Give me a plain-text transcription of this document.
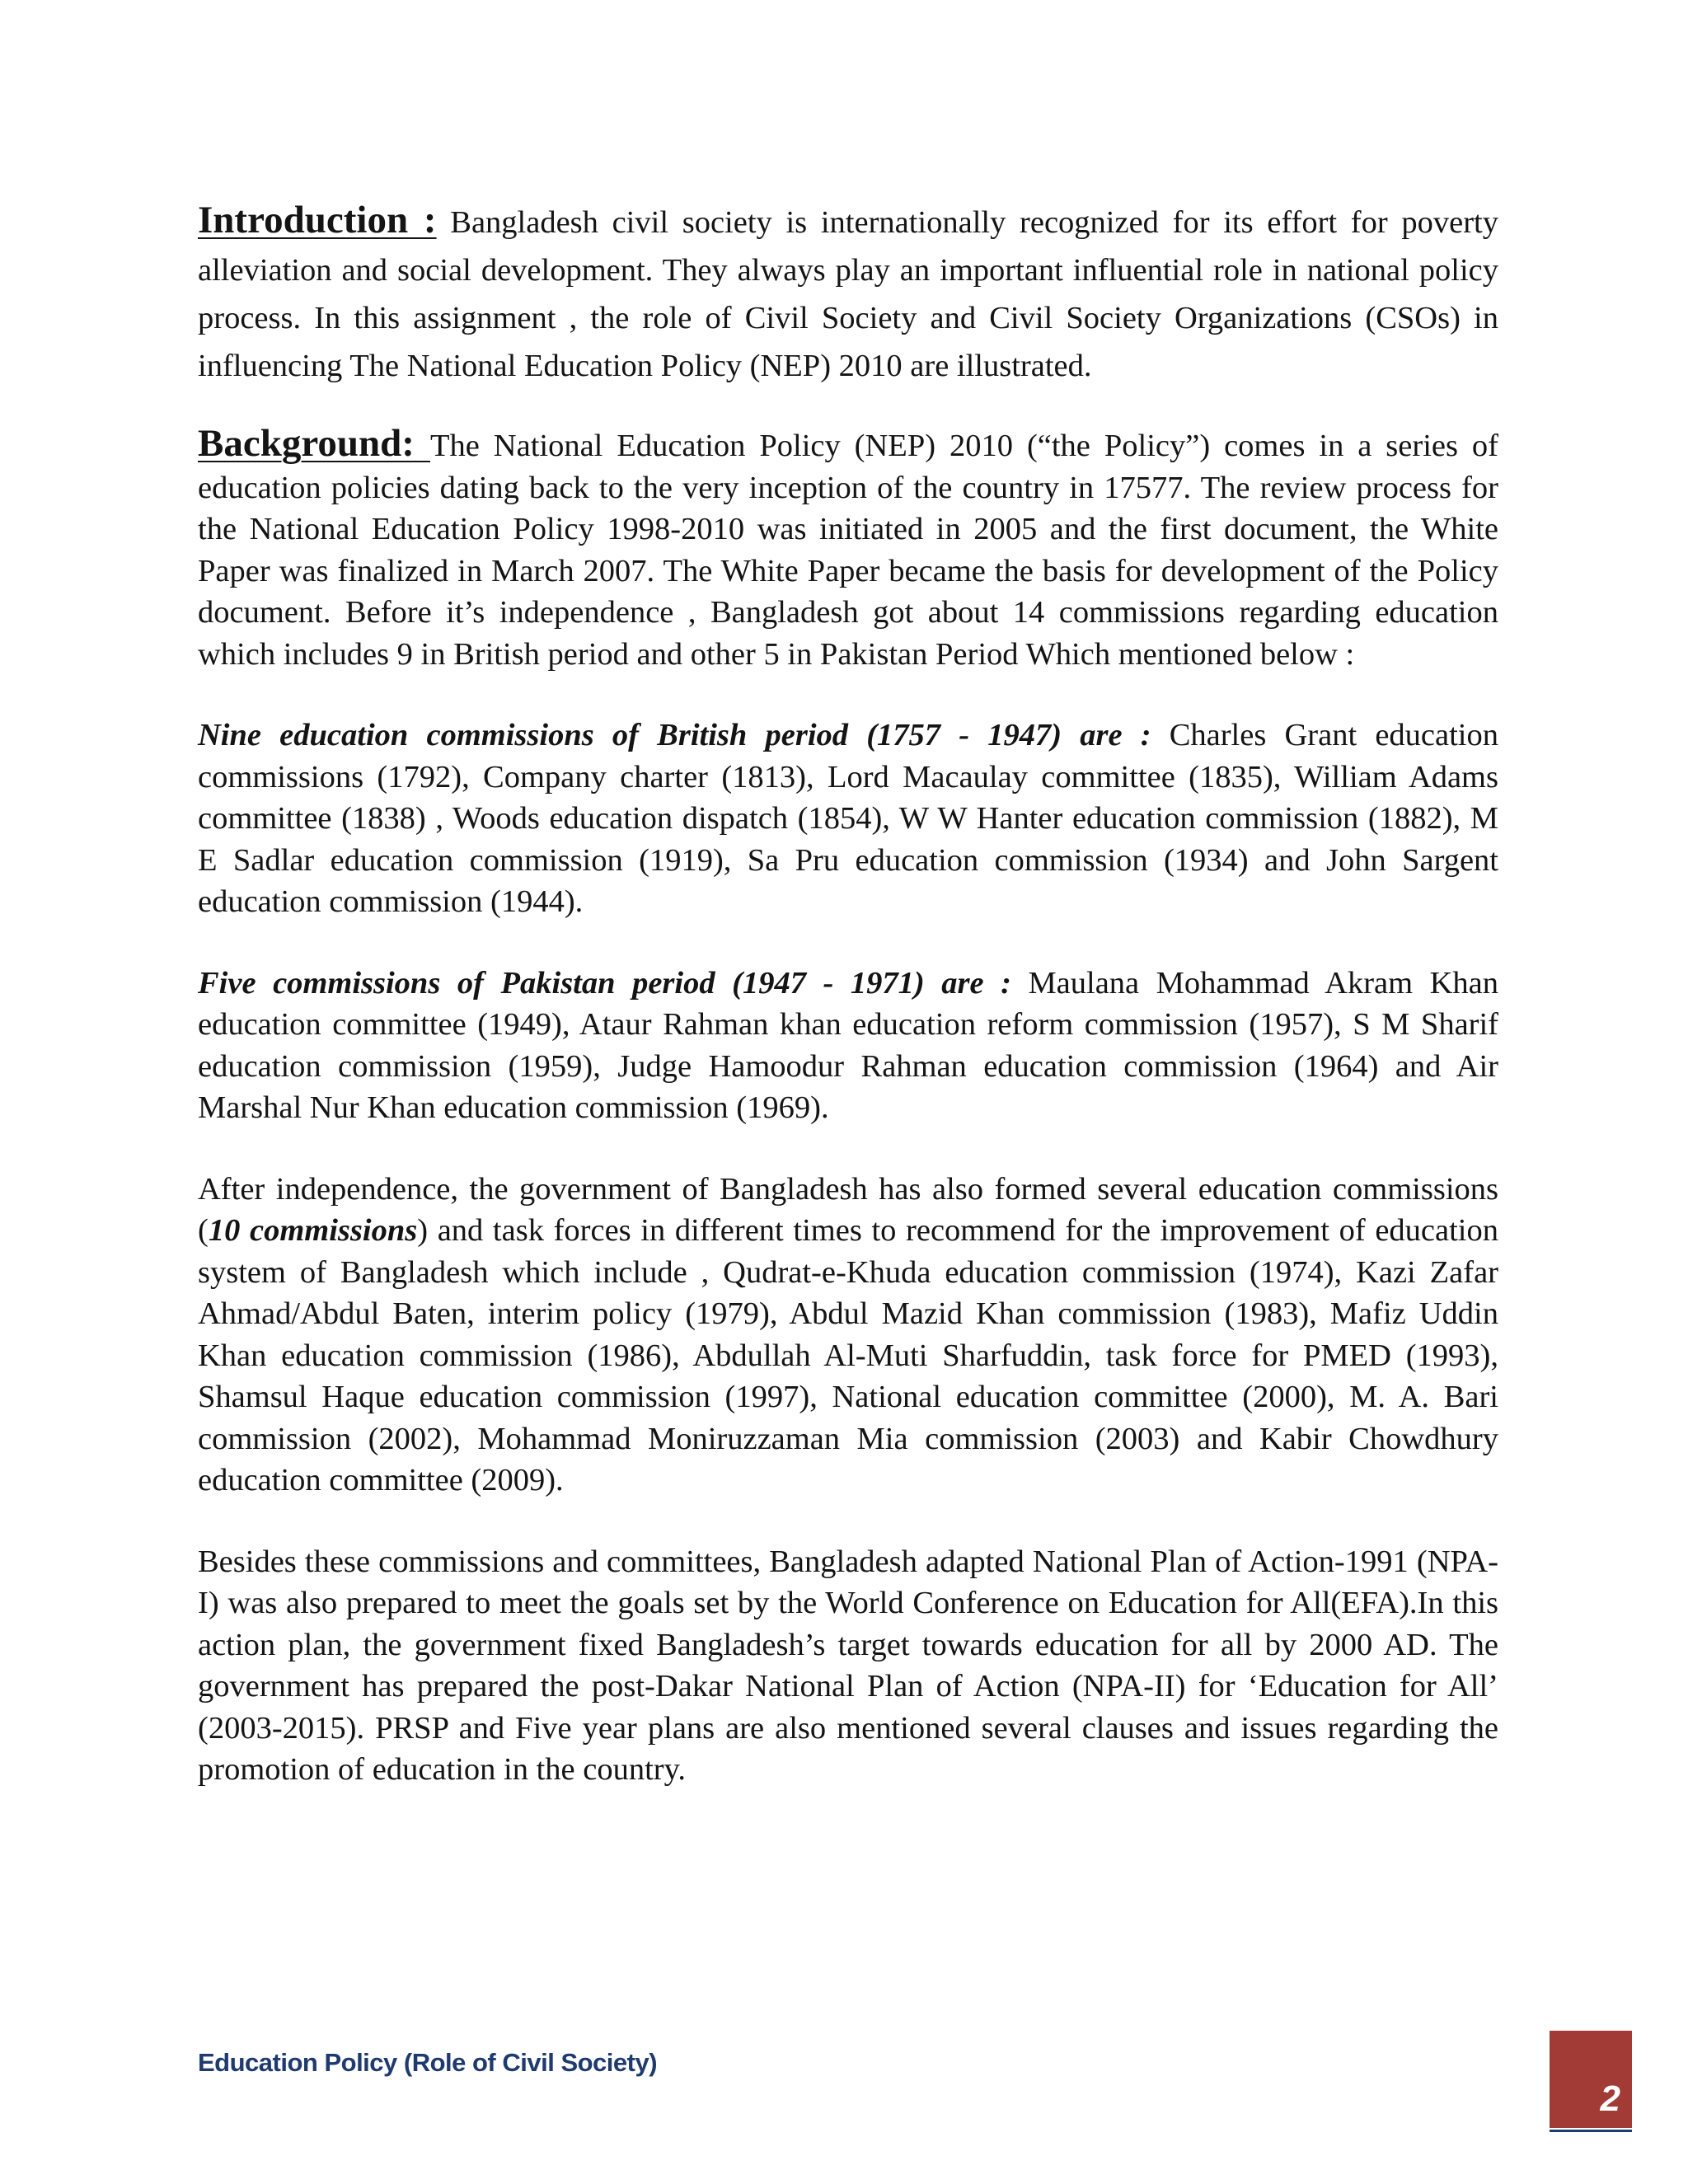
Introduction : Bangladesh civil society is internationally recognized for its effort for poverty alleviation and social development. They always play an important influential role in national policy process. In this assignment , the role of Civil Society and Civil Society Organizations (CSOs) in influencing The National Education Policy (NEP) 2010 are illustrated.

Background: The National Education Policy (NEP) 2010 (“the Policy”) comes in a series of education policies dating back to the very inception of the country in 17577. The review process for the National Education Policy 1998-2010 was initiated in 2005 and the first document, the White Paper was finalized in March 2007. The White Paper became the basis for development of the Policy document. Before it’s independence , Bangladesh got about 14 commissions regarding education which includes 9 in British period and other 5 in Pakistan Period Which mentioned below :

Nine education commissions of British period (1757 - 1947) are : Charles Grant education commissions (1792), Company charter (1813), Lord Macaulay committee (1835), William Adams committee (1838) , Woods education dispatch (1854), W W Hanter education commission (1882), M E Sadlar education commission (1919), Sa Pru education commission (1934) and John Sargent education commission (1944).

Five commissions of Pakistan period (1947 - 1971) are : Maulana Mohammad Akram Khan education committee (1949), Ataur Rahman khan education reform commission (1957), S M Sharif education commission (1959), Judge Hamoodur Rahman education commission (1964) and Air Marshal Nur Khan education commission (1969).

After independence, the government of Bangladesh has also formed several education commissions (10 commissions) and task forces in different times to recommend for the improvement of education system of Bangladesh which include , Qudrat-e-Khuda education commission (1974), Kazi Zafar Ahmad/Abdul Baten, interim policy (1979), Abdul Mazid Khan commission (1983), Mafiz Uddin Khan education commission (1986), Abdullah Al-Muti Sharfuddin, task force for PMED (1993), Shamsul Haque education commission (1997), National education committee (2000), M. A. Bari commission (2002), Mohammad Moniruzzaman Mia commission (2003) and Kabir Chowdhury education committee (2009).

Besides these commissions and committees, Bangladesh adapted National Plan of Action-1991 (NPA-I) was also prepared to meet the goals set by the World Conference on Education for All(EFA).In this action plan, the government fixed Bangladesh’s target towards education for all by 2000 AD. The government has prepared the post-Dakar National Plan of Action (NPA-II) for ‘Education for All’ (2003-2015). PRSP and Five year plans are also mentioned several clauses and issues regarding the promotion of education in the country.

Education Policy (Role of Civil Society)
2
